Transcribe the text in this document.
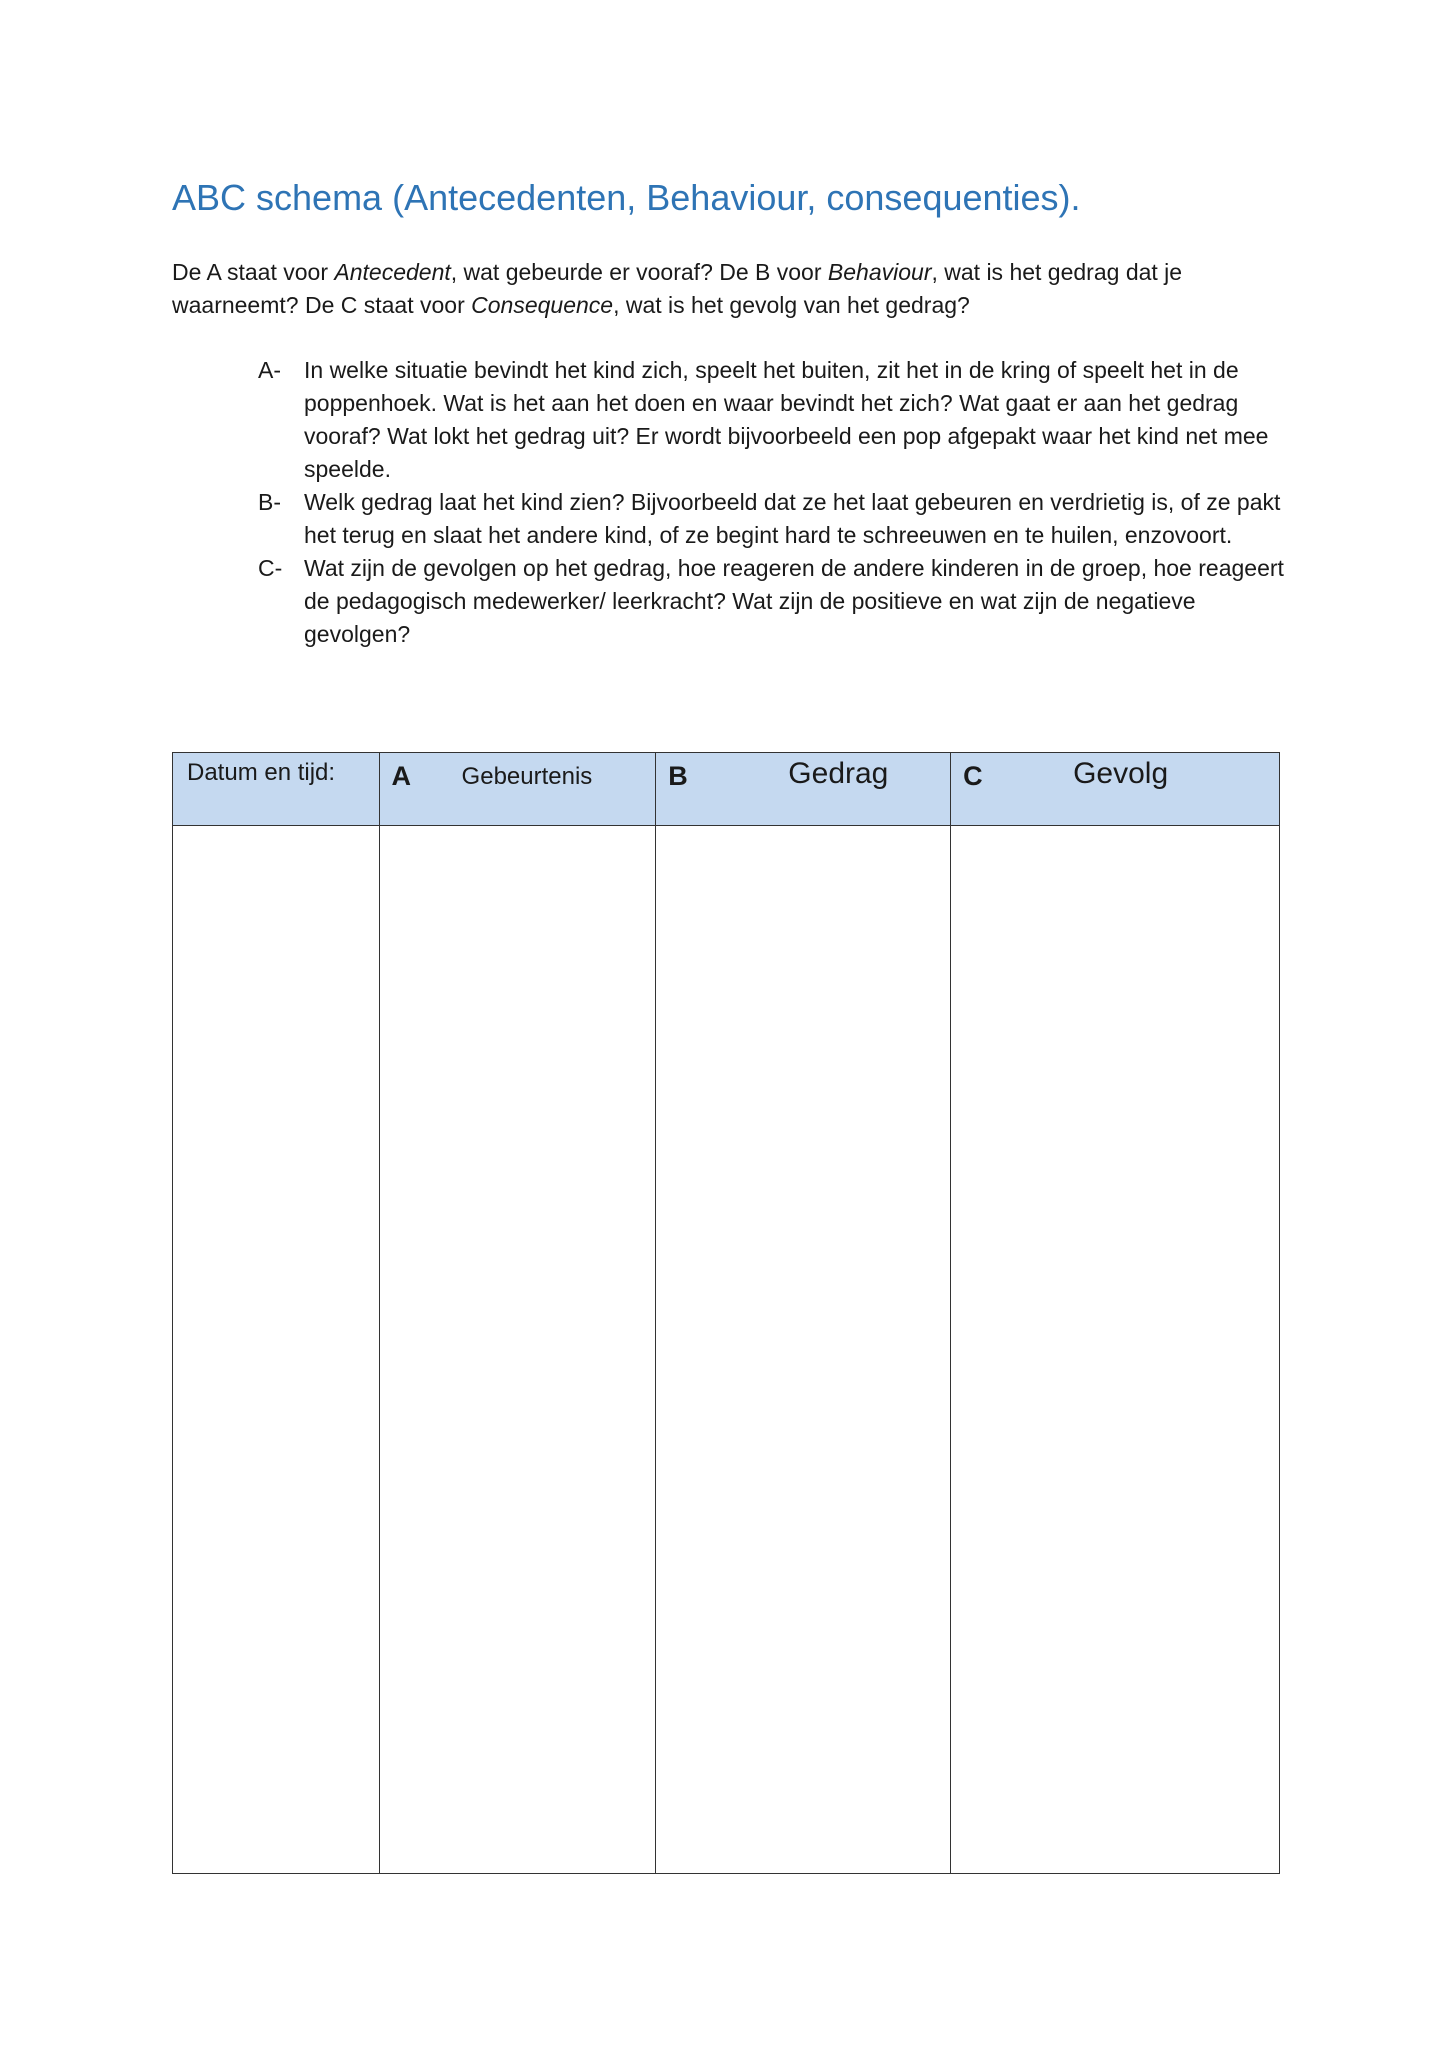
ABC schema (Antecedenten, Behaviour, consequenties).

De A staat voor Antecedent, wat gebeurde er vooraf? De B voor Behaviour, wat is het gedrag dat je waarneemt? De C staat voor Consequence, wat is het gevolg van het gedrag?

A- In welke situatie bevindt het kind zich, speelt het buiten, zit het in de kring of speelt het in de poppenhoek. Wat is het aan het doen en waar bevindt het zich? Wat gaat er aan het gedrag vooraf? Wat lokt het gedrag uit? Er wordt bijvoorbeeld een pop afgepakt waar het kind net mee speelde.
B- Welk gedrag laat het kind zien? Bijvoorbeeld dat ze het laat gebeuren en verdrietig is, of ze pakt het terug en slaat het andere kind, of ze begint hard te schreeuwen en te huilen, enzovoort.
C- Wat zijn de gevolgen op het gedrag, hoe reageren de andere kinderen in de groep, hoe reageert de pedagogisch medewerker/ leerkracht? Wat zijn de positieve en wat zijn de negatieve gevolgen?
Datum en tijd:	A Gebeurtenis	B Gedrag	C Gevolg
